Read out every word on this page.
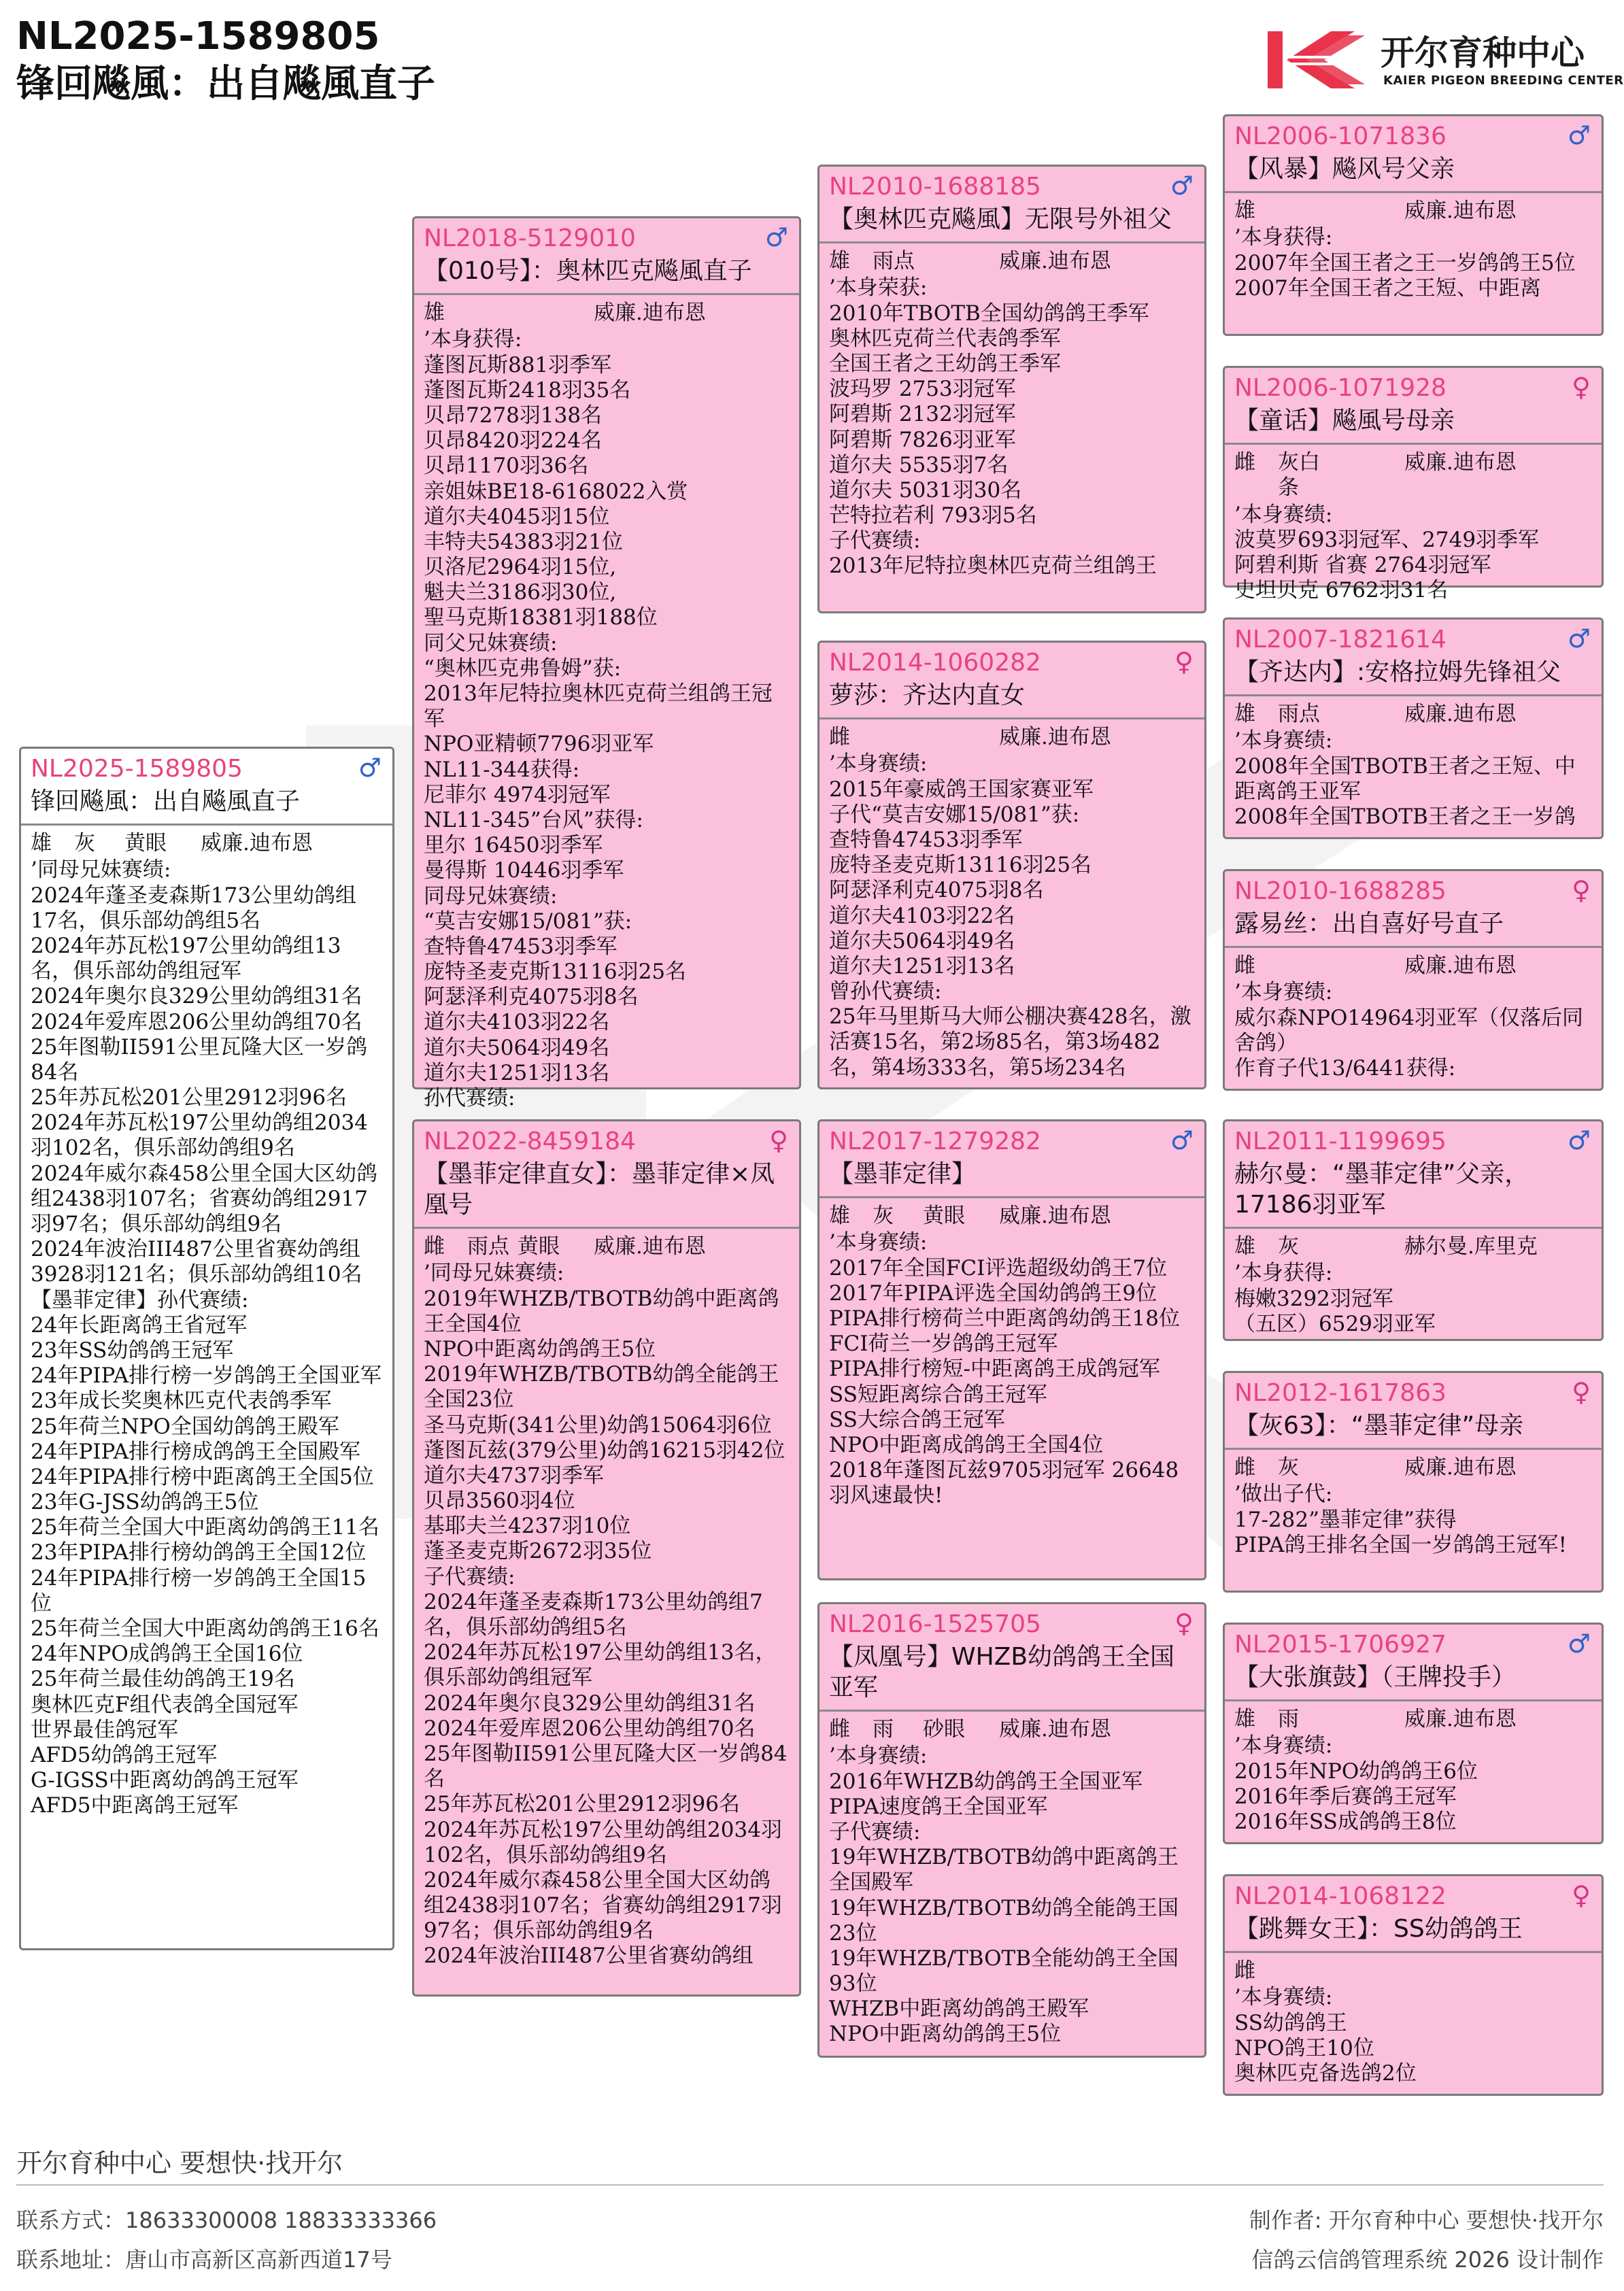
NL2025-1589805
锋回飚風：出自飚風直子
开尔育种中心
KAIER PIGEON BREEDING CENTER
NL2025-1589805	♂
锋回飚風：出自飚風直子
雄	灰	黄眼	威廉.迪布恩
’同母兄妹赛绩:
2024年蓬圣麦森斯173公里幼鸽组17名，俱乐部幼鸽组5名
2024年苏瓦松197公里幼鸽组13名，俱乐部幼鸽组冠军
2024年奥尔良329公里幼鸽组31名
2024年爱库恩206公里幼鸽组70名
25年图勒II591公里瓦隆大区一岁鸽84名
25年苏瓦松201公里2912羽96名
2024年苏瓦松197公里幼鸽组2034羽102名，俱乐部幼鸽组9名
2024年威尔森458公里全国大区幼鸽组2438羽107名；省赛幼鸽组2917羽97名；俱乐部幼鸽组9名
2024年波治III487公里省赛幼鸽组3928羽121名；俱乐部幼鸽组10名
【墨菲定律】孙代赛绩:
24年长距离鸽王省冠军
23年SS幼鸽鸽王冠军
24年PIPA排行榜一岁鸽鸽王全国亚军
23年成长奖奥林匹克代表鸽季军
25年荷兰NPO全国幼鸽鸽王殿军
24年PIPA排行榜成鸽鸽王全国殿军
24年PIPA排行榜中距离鸽王全国5位
23年G-JSS幼鸽鸽王5位
25年荷兰全国大中距离幼鸽鸽王11名
23年PIPA排行榜幼鸽鸽王全国12位
24年PIPA排行榜一岁鸽鸽王全国15位
25年荷兰全国大中距离幼鸽鸽王16名
24年NPO成鸽鸽王全国16位
25年荷兰最佳幼鸽鸽王19名
奥林匹克F组代表鸽全国冠军
世界最佳鸽冠军
AFD5幼鸽鸽王冠军
G-IGSS中距离幼鸽鸽王冠军
AFD5中距离鸽王冠军
NL2018-5129010	♂
【010号】：奥林匹克飚風直子
雄	威廉.迪布恩
’本身获得:
蓬图瓦斯881羽季军
蓬图瓦斯2418羽35名
贝昂7278羽138名
贝昂8420羽224名
贝昂1170羽36名
亲姐妹BE18-6168022入赏
道尔夫4045羽15位
丰特夫54383羽21位
贝洛尼2964羽15位,
魁夫兰3186羽30位,
聖马克斯18381羽188位
同父兄妹赛绩:
“奥林匹克弗鲁姆”获:
2013年尼特拉奥林匹克荷兰组鸽王冠军
NPO亚精顿7796羽亚军
NL11-344获得:
尼菲尔 4974羽冠军
NL11-345”台风”获得:
里尔 16450羽季军
曼得斯 10446羽季军
同母兄妹赛绩:
“莫吉安娜15/081”获:
查特鲁47453羽季军
庞特圣麦克斯13116羽25名
阿瑟泽利克4075羽8名
道尔夫4103羽22名
道尔夫5064羽49名
道尔夫1251羽13名
孙代赛绩:
NL2022-8459184	♀
【墨菲定律直女】：墨菲定律×凤凰号
雌	雨点 黄眼	威廉.迪布恩
’同母兄妹赛绩:
2019年WHZB/TBOTB幼鸽中距离鸽王全国4位
NPO中距离幼鸽鸽王5位
2019年WHZB/TBOTB幼鸽全能鸽王全国23位
圣马克斯(341公里)幼鸽15064羽6位
蓬图瓦兹(379公里)幼鸽16215羽42位
道尔夫4737羽季军
贝昂3560羽4位
基耶夫兰4237羽10位
蓬圣麦克斯2672羽35位
子代赛绩:
2024年蓬圣麦森斯173公里幼鸽组7名，俱乐部幼鸽组5名
2024年苏瓦松197公里幼鸽组13名，俱乐部幼鸽组冠军
2024年奥尔良329公里幼鸽组31名
2024年爱库恩206公里幼鸽组70名
25年图勒II591公里瓦隆大区一岁鸽84名
25年苏瓦松201公里2912羽96名
2024年苏瓦松197公里幼鸽组2034羽102名，俱乐部幼鸽组9名
2024年威尔森458公里全国大区幼鸽组2438羽107名；省赛幼鸽组2917羽97名；俱乐部幼鸽组9名
2024年波治III487公里省赛幼鸽组
NL2010-1688185	♂
【奥林匹克飚風】无限号外祖父
雄	雨点	威廉.迪布恩
’本身荣获:
2010年TBOTB全国幼鸽鸽王季军
奥林匹克荷兰代表鸽季军
全国王者之王幼鸽王季军
波玛罗 2753羽冠军
阿碧斯 2132羽冠军
阿碧斯 7826羽亚军
道尔夫 5535羽7名
道尔夫 5031羽30名
芒特拉若利 793羽5名
子代赛绩:
2013年尼特拉奥林匹克荷兰组鸽王
NL2014-1060282	♀
萝莎：齐达内直女
雌	威廉.迪布恩
’本身赛绩:
2015年豪威鸽王国家赛亚军
子代“莫吉安娜15/081”获:
查特鲁47453羽季军
庞特圣麦克斯13116羽25名
阿瑟泽利克4075羽8名
道尔夫4103羽22名
道尔夫5064羽49名
道尔夫1251羽13名
曾孙代赛绩:
25年马里斯马大师公棚决赛428名，激活赛15名，第2场85名，第3场482名，第4场333名，第5场234名
NL2017-1279282	♂
【墨菲定律】
雄	灰	黄眼	威廉.迪布恩
’本身赛绩:
2017年全国FCI评选超级幼鸽王7位
2017年PIPA评选全国幼鸽鸽王9位
PIPA排行榜荷兰中距离鸽幼鸽王18位
FCI荷兰一岁鸽鸽王冠军
PIPA排行榜短-中距离鸽王成鸽冠军
SS短距离综合鸽王冠军
SS大综合鸽王冠军
NPO中距离成鸽鸽王全国4位
2018年蓬图瓦兹9705羽冠军 26648羽风速最快!
NL2016-1525705	♀
【凤凰号】WHZB幼鸽鸽王全国亚军
雌	雨	砂眼	威廉.迪布恩
’本身赛绩:
2016年WHZB幼鸽鸽王全国亚军
PIPA速度鸽王全国亚军
子代赛绩:
19年WHZB/TBOTB幼鸽中距离鸽王全国殿军
19年WHZB/TBOTB幼鸽全能鸽王国23位
19年WHZB/TBOTB全能幼鸽王全国93位
WHZB中距离幼鸽鸽王殿军
NPO中距离幼鸽鸽王5位
NL2006-1071836	♂
【风暴】飚风号父亲
雄	威廉.迪布恩
’本身获得:
2007年全国王者之王一岁鸽鸽王5位
2007年全国王者之王短、中距离
NL2006-1071928	♀
【童话】飚風号母亲
雌	灰白条
威廉.迪布恩
’本身赛绩:
波莫罗693羽冠军、2749羽季军
阿碧利斯 省赛 2764羽冠军
史坦贝克 6762羽31名
NL2007-1821614	♂
【齐达内】:安格拉姆先锋祖父
雄	雨点	威廉.迪布恩
’本身赛绩:
2008年全国TBOTB王者之王短、中距离鸽王亚军
2008年全国TBOTB王者之王一岁鸽
NL2010-1688285	♀
露易丝：出自喜好号直子
雌	威廉.迪布恩
’本身赛绩:
威尔森NPO14964羽亚军（仅落后同舍鸽）
作育子代13/6441获得:
NL2011-1199695	♂
赫尔曼：“墨菲定律”父亲，17186羽亚军
雄	灰	赫尔曼.库里克
’本身获得:
梅嫩3292羽冠军
（五区）6529羽亚军
NL2012-1617863	♀
【灰63】：“墨菲定律”母亲
雌	灰	威廉.迪布恩
’做出子代:
17-282”墨菲定律”获得
PIPA鸽王排名全国一岁鸽鸽王冠军!
NL2015-1706927	♂
【大张旗鼓】（王牌投手）
雄	雨	威廉.迪布恩
’本身赛绩:
2015年NPO幼鸽鸽王6位
2016年季后赛鸽王冠军
2016年SS成鸽鸽王8位
NL2014-1068122	♀
【跳舞女王】：SS幼鸽鸽王
雌
’本身赛绩:
SS幼鸽鸽王
NPO鸽王10位
奥林匹克备选鸽2位
开尔育种中心 要想快·找开尔
联系方式：18633300008 18833333366
联系地址：唐山市高新区高新西道17号
制作者: 开尔育种中心 要想快·找开尔
信鸽云信鸽管理系统 2026 设计制作
